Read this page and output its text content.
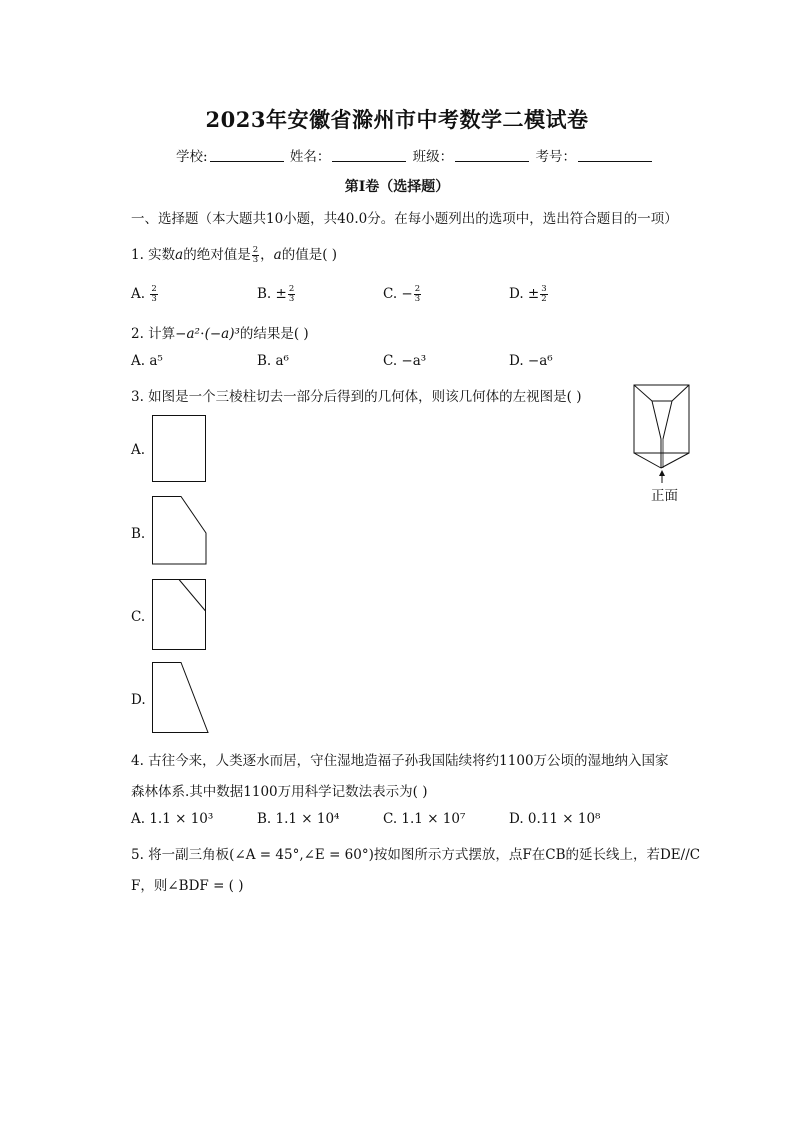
2023年安徽省滁州市中考数学二模试卷
学校:	姓名：	班级：	考号：
第I卷（选择题）
一、选择题（本大题共10小题，共40.0分。在每小题列出的选项中，选出符合题目的一项）
1. 实数a的绝对值是 $\frac{2}{3}$ ，a的值是( )
A. $\frac{2}{3}$	B. ± $\frac{2}{3}$	C. − $\frac{2}{3}$	D. ± $\frac{3}{2}$
2. 计算−a²⋅(−a)³的结果是( )
A. a⁵	B. a⁶	C. −a³	D. −a⁶
3. 如图是一个三棱柱切去一部分后得到的几何体，则该几何体的左视图是( )
正面
A.
B.
C.
D.
4. 古往今来，人类逐水而居，守住湿地造福子孙我国陆续将约1100万公顷的湿地纳入国家
森林体系.其中数据1100万用科学记数法表示为( )
A. 1.1 × 10³	B. 1.1 × 10⁴	C. 1.1 × 10⁷	D. 0.11 × 10⁸
5. 将一副三角板(∠A = 45°,∠E = 60°)按如图所示方式摆放，点F在CB的延长线上，若DE//C
F，则∠BDF = ( )
